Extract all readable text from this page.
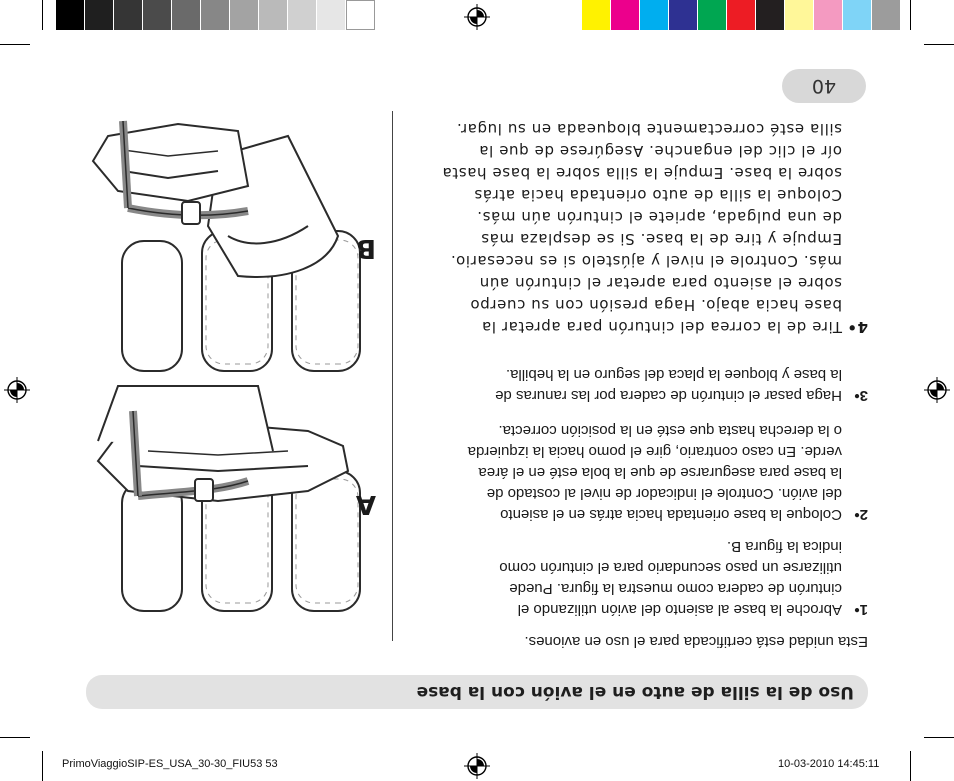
40
Uso de la silla de auto en el avión con la base
Esta unidad está certificada para el uso en aviones.
1•
Abroche la base al asiento del avión utilizando el
cinturón de cadera como muestra la figura. Puede
utilizarse un paso secundario para el cinturón como
indica la figura B.
2•
Coloque la base orientada hacia atrás en el asiento
del avión. Controle el indicador de nivel al costado de
la base para asegurarse de que la bola esté en el área
verde. En caso contrario, gire el pomo hacia la izquierda
o la derecha hasta que esté en la posición correcta.
3•
Haga pasar el cinturón de cadera por las ranuras de
la base y bloquee la placa del seguro en la hebilla.
4•
Tire de la correa del cinturón para apretar la
base hacia abajo. Haga presión con su cuerpo
sobre el asiento para apretar el cinturón aún
más. Controle el nivel y ajústelo si es necesario.
Empuje y tire de la base. Si se desplaza más
de una pulgada, apriete el cinturón aún más.
Coloque la silla de auto orientada hacia atrás
sobre la base. Empuje la silla sobre la base hasta
oír el clic del enganche. Asegúrese de que la
silla esté correctamente bloqueada en su lugar.
A
B
PrimoViaggioSIP-ES_USA_30-30_FIU53 53	10-03-2010 14:45:11
